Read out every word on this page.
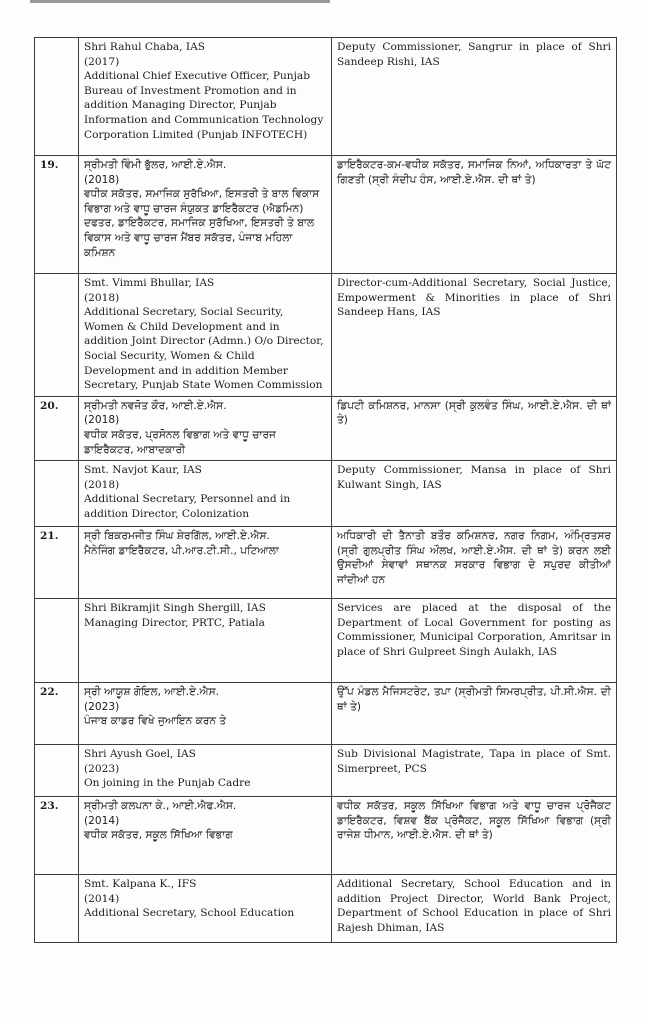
	Shri Rahul Chaba, IAS
(2017)
Additional Chief Executive Officer, Punjab Bureau of Investment Promotion and in addition Managing Director, Punjab Information and Communication Technology Corporation Limited (Punjab INFOTECH)	Deputy Commissioner, Sangrur in place of Shri Sandeep Rishi, IAS
19.	ਸ੍ਰੀਮਤੀ ਵਿੰਮੀ ਭੁੱਲਰ, ਆਈ.ਏ.ਐਸ.
(2018)
ਵਧੀਕ ਸਕੱਤਰ, ਸਮਾਜਿਕ ਸੁਰੱਖਿਆ, ਇਸਤਰੀ ਤੇ ਬਾਲ ਵਿਕਾਸ ਵਿਭਾਗ ਅਤੇ ਵਾਧੂ ਚਾਰਜ ਸੰਯੁਕਤ ਡਾਇਰੈਕਟਰ (ਐਡਮਿਨ) ਦਫਤਰ, ਡਾਇਰੈਕਟਰ, ਸਮਾਜਿਕ ਸੁਰੱਖਿਆ, ਇਸਤਰੀ ਤੇ ਬਾਲ ਵਿਕਾਸ ਅਤੇ ਵਾਧੂ ਚਾਰਜ ਮੈਂਬਰ ਸਕੱਤਰ, ਪੰਜਾਬ ਮਹਿਲਾ ਕਮਿਸ਼ਨ	ਡਾਇਰੈਕਟਰ-ਕਮ-ਵਧੀਕ ਸਕੱਤਰ, ਸਮਾਜਿਕ ਨਿਆਂ, ਅਧਿਕਾਰਤਾ ਤੇ ਘੱਟ ਗਿਣਤੀ (ਸ੍ਰੀ ਸੰਦੀਪ ਹੰਸ, ਆਈ.ਏ.ਐਸ. ਦੀ ਥਾਂ ਤੇ)

	Smt. Vimmi Bhullar, IAS
(2018)
Additional Secretary, Social Security, Women & Child Development and in addition Joint Director (Admn.) O/o Director, Social Security, Women & Child Development and in addition Member Secretary, Punjab State Women Commission	Director-cum-Additional Secretary, Social Justice, Empowerment & Minorities in place of Shri Sandeep Hans, IAS
20.	ਸ੍ਰੀਮਤੀ ਨਵਜੋਤ ਕੌਰ, ਆਈ.ਏ.ਐਸ.
(2018)
ਵਧੀਕ ਸਕੱਤਰ, ਪ੍ਰਸੋਨਲ ਵਿਭਾਗ ਅਤੇ ਵਾਧੂ ਚਾਰਜ ਡਾਇਰੈਕਟਰ, ਆਬਾਦਕਾਰੀ	ਡਿਪਟੀ ਕਮਿਸ਼ਨਰ, ਮਾਨਸਾ (ਸ੍ਰੀ ਕੁਲਵੰਤ ਸਿੰਘ, ਆਈ.ਏ.ਐਸ. ਦੀ ਥਾਂ ਤੇ)

	Smt. Navjot Kaur, IAS
(2018)
Additional Secretary, Personnel and in addition Director, Colonization	Deputy Commissioner, Mansa in place of Shri Kulwant Singh, IAS
21.	ਸ੍ਰੀ ਬਿਕਰਮਜੀਤ ਸਿੰਘ ਸ਼ੇਰਗਿੱਲ, ਆਈ.ਏ.ਐਸ.
ਮੈਨੇਜਿੰਗ ਡਾਇਰੈਕਟਰ, ਪੀ.ਆਰ.ਟੀ.ਸੀ., ਪਟਿਆਲਾ	ਅਧਿਕਾਰੀ ਦੀ ਤੈਨਾਤੀ ਬਤੌਰ ਕਮਿਸ਼ਨਰ, ਨਗਰ ਨਿਗਮ, ਅੰਮ੍ਰਿਤਸਰ (ਸ੍ਰੀ ਗੁਲਪ੍ਰੀਤ ਸਿੰਘ ਔਲਖ, ਆਈ.ਏ.ਐਸ. ਦੀ ਥਾਂ ਤੇ) ਕਰਨ ਲਈ ਉਸਦੀਆਂ ਸੇਵਾਵਾਂ ਸਥਾਨਕ ਸਰਕਾਰ ਵਿਭਾਗ ਦੇ ਸਪੁਰਦ ਕੀਤੀਆਂ ਜਾਂਦੀਆਂ ਹਨ

	Shri Bikramjit Singh Shergill, IAS
Managing Director, PRTC, Patiala	Services are placed at the disposal of the Department of Local Government for posting as Commissioner, Municipal Corporation, Amritsar in place of Shri Gulpreet Singh Aulakh, IAS
22.	ਸ੍ਰੀ ਆਯੂਸ਼ ਗੋਇਲ, ਆਈ.ਏ.ਐਸ.
(2023)
ਪੰਜਾਬ ਕਾਡਰ ਵਿਖੇ ਜੁਆਇਨ ਕਰਨ ਤੇ	ਉੱਪ ਮੰਡਲ ਮੈਜਿਸਟਰੇਟ, ਤਪਾ (ਸ੍ਰੀਮਤੀ ਸਿਮਰਪ੍ਰੀਤ, ਪੀ.ਸੀ.ਐਸ. ਦੀ ਥਾਂ ਤੇ)

	Shri Ayush Goel, IAS
(2023)
On joining in the Punjab Cadre	Sub Divisional Magistrate, Tapa in place of Smt. Simerpreet, PCS
23.	ਸ੍ਰੀਮਤੀ ਕਲਪਨਾ ਕੇ., ਆਈ.ਐਫ.ਐਸ.
(2014)
ਵਧੀਕ ਸਕੱਤਰ, ਸਕੂਲ ਸਿੱਖਿਆ ਵਿਭਾਗ	ਵਧੀਕ ਸਕੱਤਰ, ਸਕੂਲ ਸਿੱਖਿਆ ਵਿਭਾਗ ਅਤੇ ਵਾਧੂ ਚਾਰਜ ਪ੍ਰੋਜੈਕਟ ਡਾਇਰੈਕਟਰ, ਵਿਸ਼ਵ ਬੈਂਕ ਪ੍ਰੋਜੈਕਟ, ਸਕੂਲ ਸਿੱਖਿਆ ਵਿਭਾਗ (ਸ੍ਰੀ ਰਾਜੇਸ਼ ਧੀਮਾਨ, ਆਈ.ਏ.ਐਸ. ਦੀ ਥਾਂ ਤੇ)

	Smt. Kalpana K., IFS
(2014)
Additional Secretary, School Education	Additional Secretary, School Education and in addition Project Director, World Bank Project, Department of School Education in place of Shri Rajesh Dhiman, IAS
